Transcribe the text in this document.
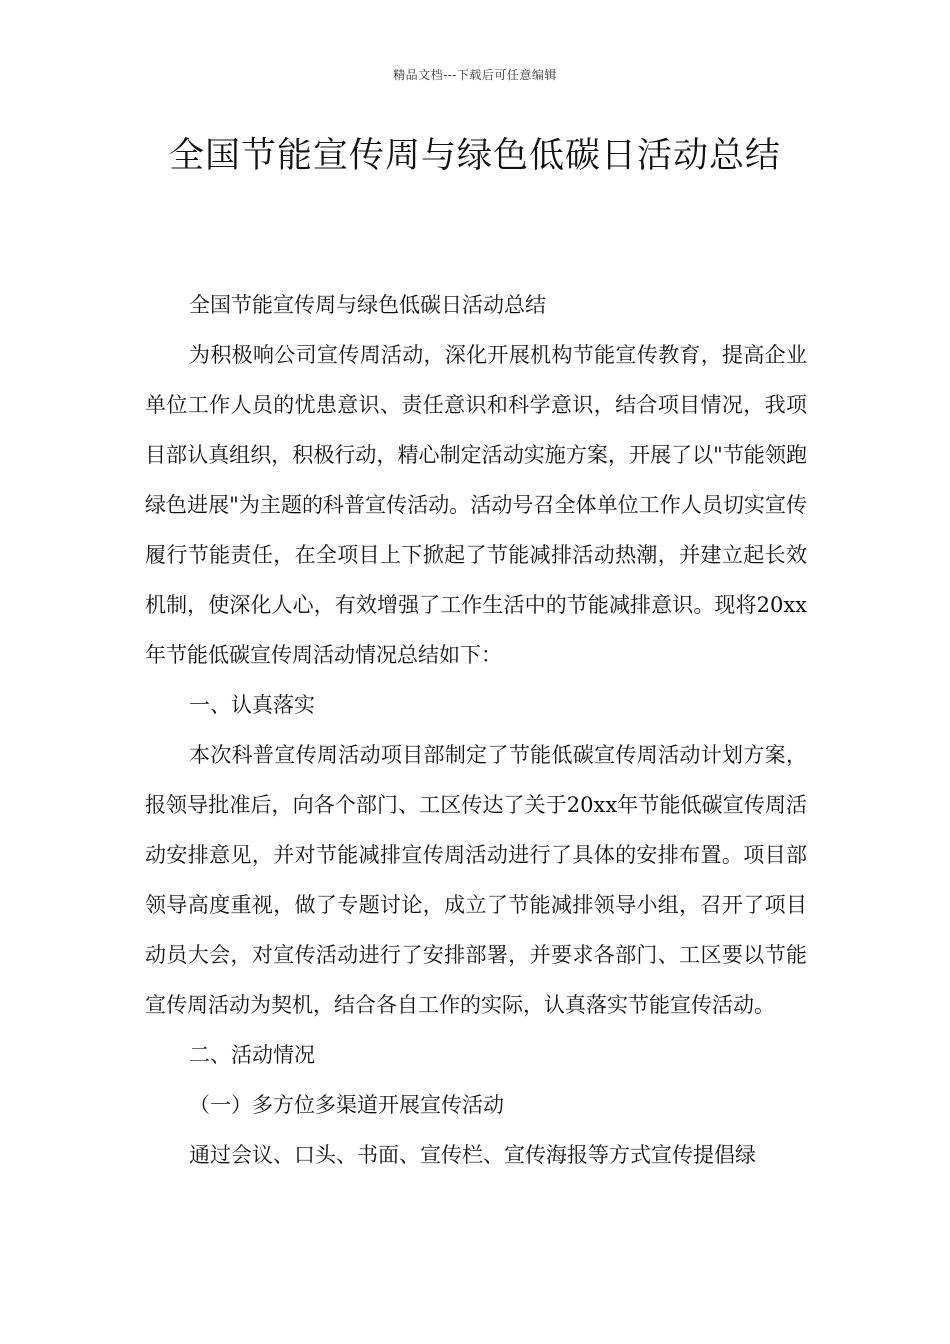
精品文档---下载后可任意编辑
全国节能宣传周与绿色低碳日活动总结

全国节能宣传周与绿色低碳日活动总结

为积极响公司宣传周活动，深化开展机构节能宣传教育，提高企业单位工作人员的忧患意识、责任意识和科学意识，结合项目情况，我项目部认真组织，积极行动，精心制定活动实施方案，开展了以"节能领跑绿色进展"为主题的科普宣传活动。活动号召全体单位工作人员切实宣传履行节能责任，在全项目上下掀起了节能减排活动热潮，并建立起长效机制，使深化人心，有效增强了工作生活中的节能减排意识。现将20xx年节能低碳宣传周活动情况总结如下：

一、认真落实

本次科普宣传周活动项目部制定了节能低碳宣传周活动计划方案，报领导批准后，向各个部门、工区传达了关于20xx年节能低碳宣传周活动安排意见，并对节能减排宣传周活动进行了具体的安排布置。项目部领导高度重视，做了专题讨论，成立了节能减排领导小组，召开了项目动员大会，对宣传活动进行了安排部署，并要求各部门、工区要以节能宣传周活动为契机，结合各自工作的实际，认真落实节能宣传活动。

二、活动情况

（一）多方位多渠道开展宣传活动

通过会议、口头、书面、宣传栏、宣传海报等方式宣传提倡绿
